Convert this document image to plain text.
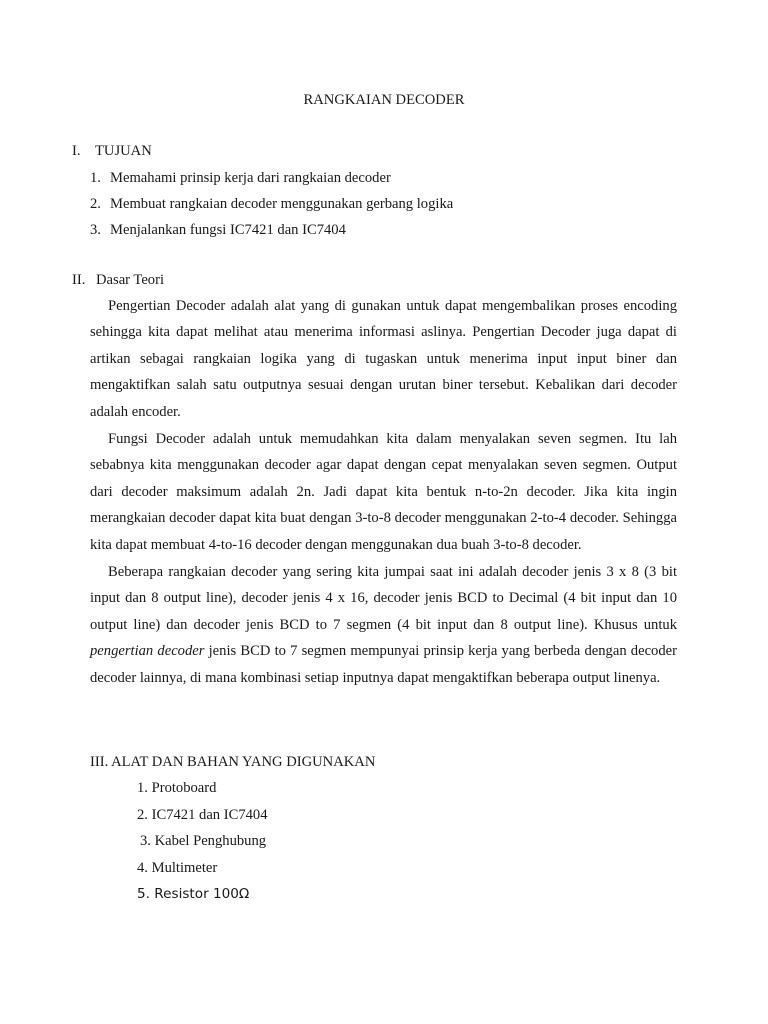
RANGKAIAN DECODER
I. TUJUAN
1. Memahami prinsip kerja dari rangkaian decoder
2. Membuat rangkaian decoder menggunakan gerbang logika
3. Menjalankan fungsi IC7421 dan IC7404
II. Dasar Teori

Pengertian Decoder adalah alat yang di gunakan untuk dapat mengembalikan proses encoding sehingga kita dapat melihat atau menerima informasi aslinya. Pengertian Decoder juga dapat di artikan sebagai rangkaian logika yang di tugaskan untuk menerima input input biner dan mengaktifkan salah satu outputnya sesuai dengan urutan biner tersebut. Kebalikan dari decoder adalah encoder.

Fungsi Decoder adalah untuk memudahkan kita dalam menyalakan seven segmen. Itu lah sebabnya kita menggunakan decoder agar dapat dengan cepat menyalakan seven segmen. Output dari decoder maksimum adalah 2n. Jadi dapat kita bentuk n-to-2n decoder. Jika kita ingin merangkaian decoder dapat kita buat dengan 3-to-8 decoder menggunakan 2-to-4 decoder. Sehingga kita dapat membuat 4-to-16 decoder dengan menggunakan dua buah 3-to-8 decoder.

Beberapa rangkaian decoder yang sering kita jumpai saat ini adalah decoder jenis 3 x 8 (3 bit input dan 8 output line), decoder jenis 4 x 16, decoder jenis BCD to Decimal (4 bit input dan 10 output line) dan decoder jenis BCD to 7 segmen (4 bit input dan 8 output line). Khusus untuk pengertian decoder jenis BCD to 7 segmen mempunyai prinsip kerja yang berbeda dengan decoder decoder lainnya, di mana kombinasi setiap inputnya dapat mengaktifkan beberapa output linenya.

III. ALAT DAN BAHAN YANG DIGUNAKAN
1. Protoboard
2. IC7421 dan IC7404
3. Kabel Penghubung
4. Multimeter
5. Resistor 100Ω
